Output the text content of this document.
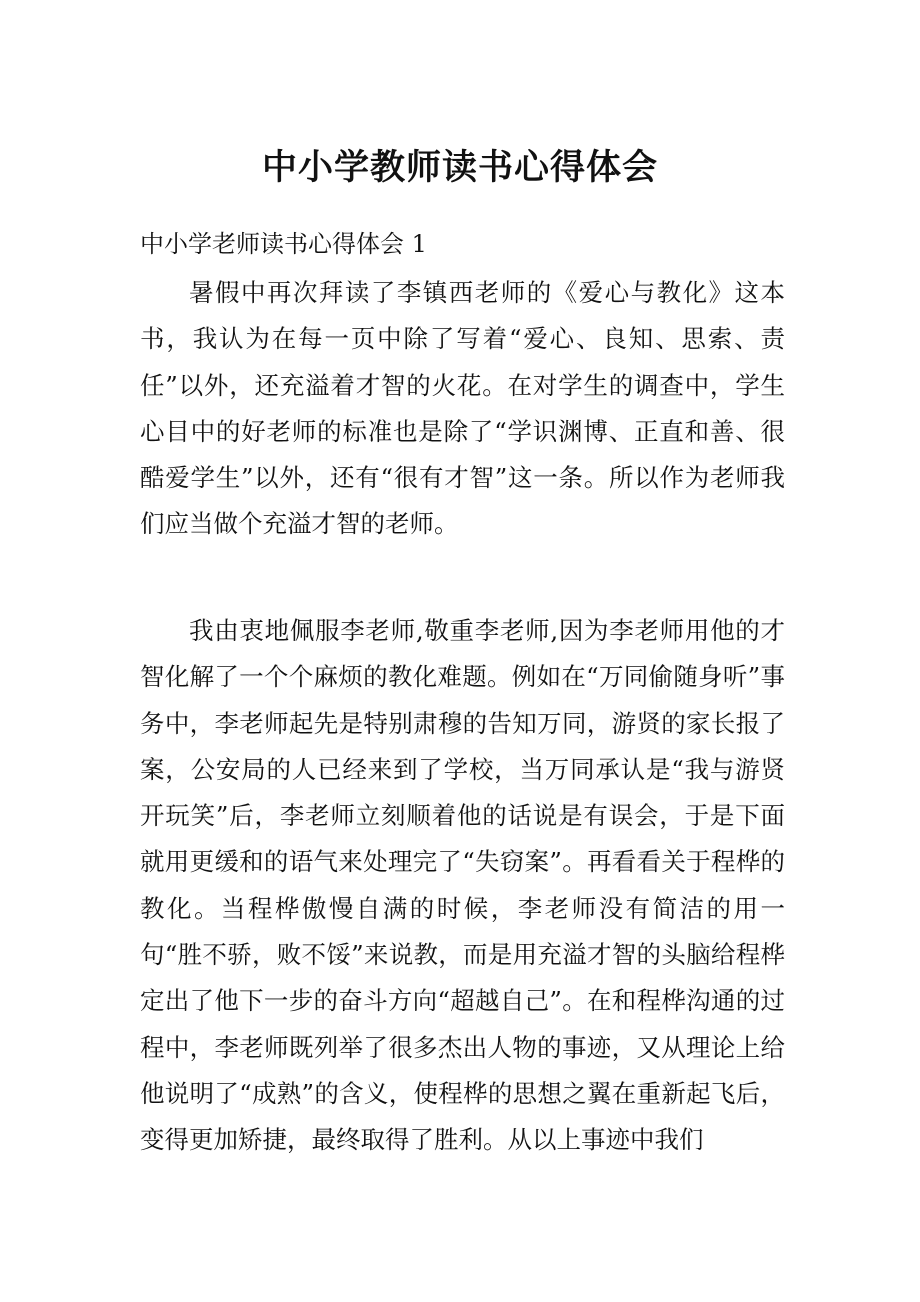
中小学教师读书心得体会
中小学老师读书心得体会 1

暑假中再次拜读了李镇西老师的《爱心与教化》这本书，我认为在每一页中除了写着“爱心、良知、思索、责任”以外，还充溢着才智的火花。在对学生的调查中，学生心目中的好老师的标准也是除了“学识渊博、正直和善、很酷爱学生”以外，还有“很有才智”这一条。所以作为老师我们应当做个充溢才智的老师。

我由衷地佩服李老师,敬重李老师,因为李老师用他的才智化解了一个个麻烦的教化难题。例如在“万同偷随身听”事务中，李老师起先是特别肃穆的告知万同，游贤的家长报了案，公安局的人已经来到了学校，当万同承认是“我与游贤开玩笑”后，李老师立刻顺着他的话说是有误会，于是下面就用更缓和的语气来处理完了“失窃案”。再看看关于程桦的教化。当程桦傲慢自满的时候，李老师没有简洁的用一句“胜不骄，败不馁”来说教，而是用充溢才智的头脑给程桦定出了他下一步的奋斗方向“超越自己”。在和程桦沟通的过程中，李老师既列举了很多杰出人物的事迹，又从理论上给他说明了“成熟”的含义，使程桦的思想之翼在重新起飞后，变得更加矫捷，最终取得了胜利。从以上事迹中我们
